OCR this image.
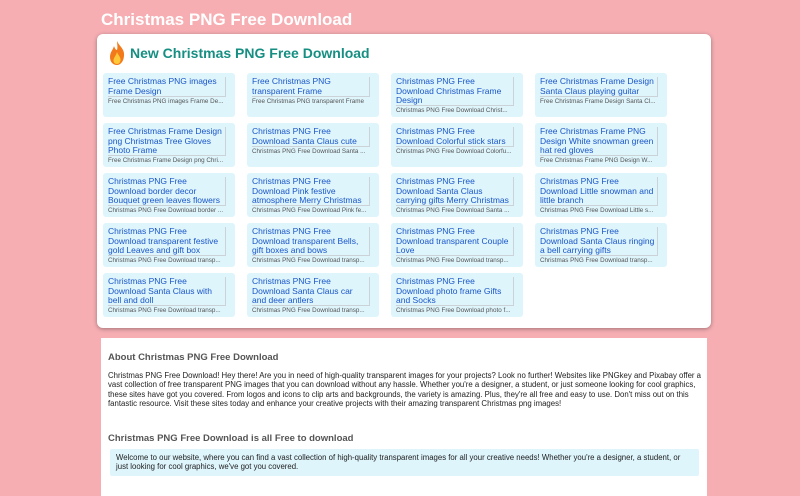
Christmas PNG Free Download
New Christmas PNG Free Download
Free Christmas PNG images Frame Design
Free Christmas PNG images Frame De...
Free Christmas PNG transparent Frame
Free Christmas PNG transparent Frame
Christmas PNG Free Download Christmas Frame Design
Christmas PNG Free Download Christ...
Free Christmas Frame Design Santa Claus playing guitar
Free Christmas Frame Design Santa Cl...
Free Christmas Frame Design png Christmas Tree Gloves Photo Frame
Free Christmas Frame Design png Chri...
Christmas PNG Free Download Santa Claus cute
Christmas PNG Free Download Santa ...
Christmas PNG Free Download Colorful stick stars
Christmas PNG Free Download Colorfu...
Free Christmas Frame PNG Design White snowman green hat red gloves
Free Christmas Frame PNG Design W...
Christmas PNG Free Download border decor Bouquet green leaves flowers
Christmas PNG Free Download border ...
Christmas PNG Free Download Pink festive atmosphere Merry Christmas
Christmas PNG Free Download Pink fe...
Christmas PNG Free Download Santa Claus carrying gifts Merry Christmas
Christmas PNG Free Download Santa ...
Christmas PNG Free Download Little snowman and little branch
Christmas PNG Free Download Little s...
Christmas PNG Free Download transparent festive gold Leaves and gift box
Christmas PNG Free Download transp...
Christmas PNG Free Download transparent Bells, gift boxes and bows
Christmas PNG Free Download transp...
Christmas PNG Free Download transparent Couple Love
Christmas PNG Free Download transp...
Christmas PNG Free Download Santa Claus ringing a bell carrying gifts
Christmas PNG Free Download transp...
Christmas PNG Free Download Santa Claus with bell and doll
Christmas PNG Free Download transp...
Christmas PNG Free Download Santa Claus car and deer antlers
Christmas PNG Free Download transp...
Christmas PNG Free Download photo frame Gifts and Socks
Christmas PNG Free Download photo f...
About Christmas PNG Free Download

Christmas PNG Free Download! Hey there! Are you in need of high-quality transparent images for your projects? Look no further! Websites like PNGkey and Pixabay offer a vast collection of free transparent PNG images that you can download without any hassle. Whether you're a designer, a student, or just someone looking for cool graphics, these sites have got you covered. From logos and icons to clip arts and backgrounds, the variety is amazing. Plus, they're all free and easy to use. Don't miss out on this fantastic resource. Visit these sites today and enhance your creative projects with their amazing transparent Christmas png images!

Christmas PNG Free Download is all Free to download
Welcome to our website, where you can find a vast collection of high-quality transparent images for all your creative needs! Whether you're a designer, a student, or just looking for cool graphics, we've got you covered.
